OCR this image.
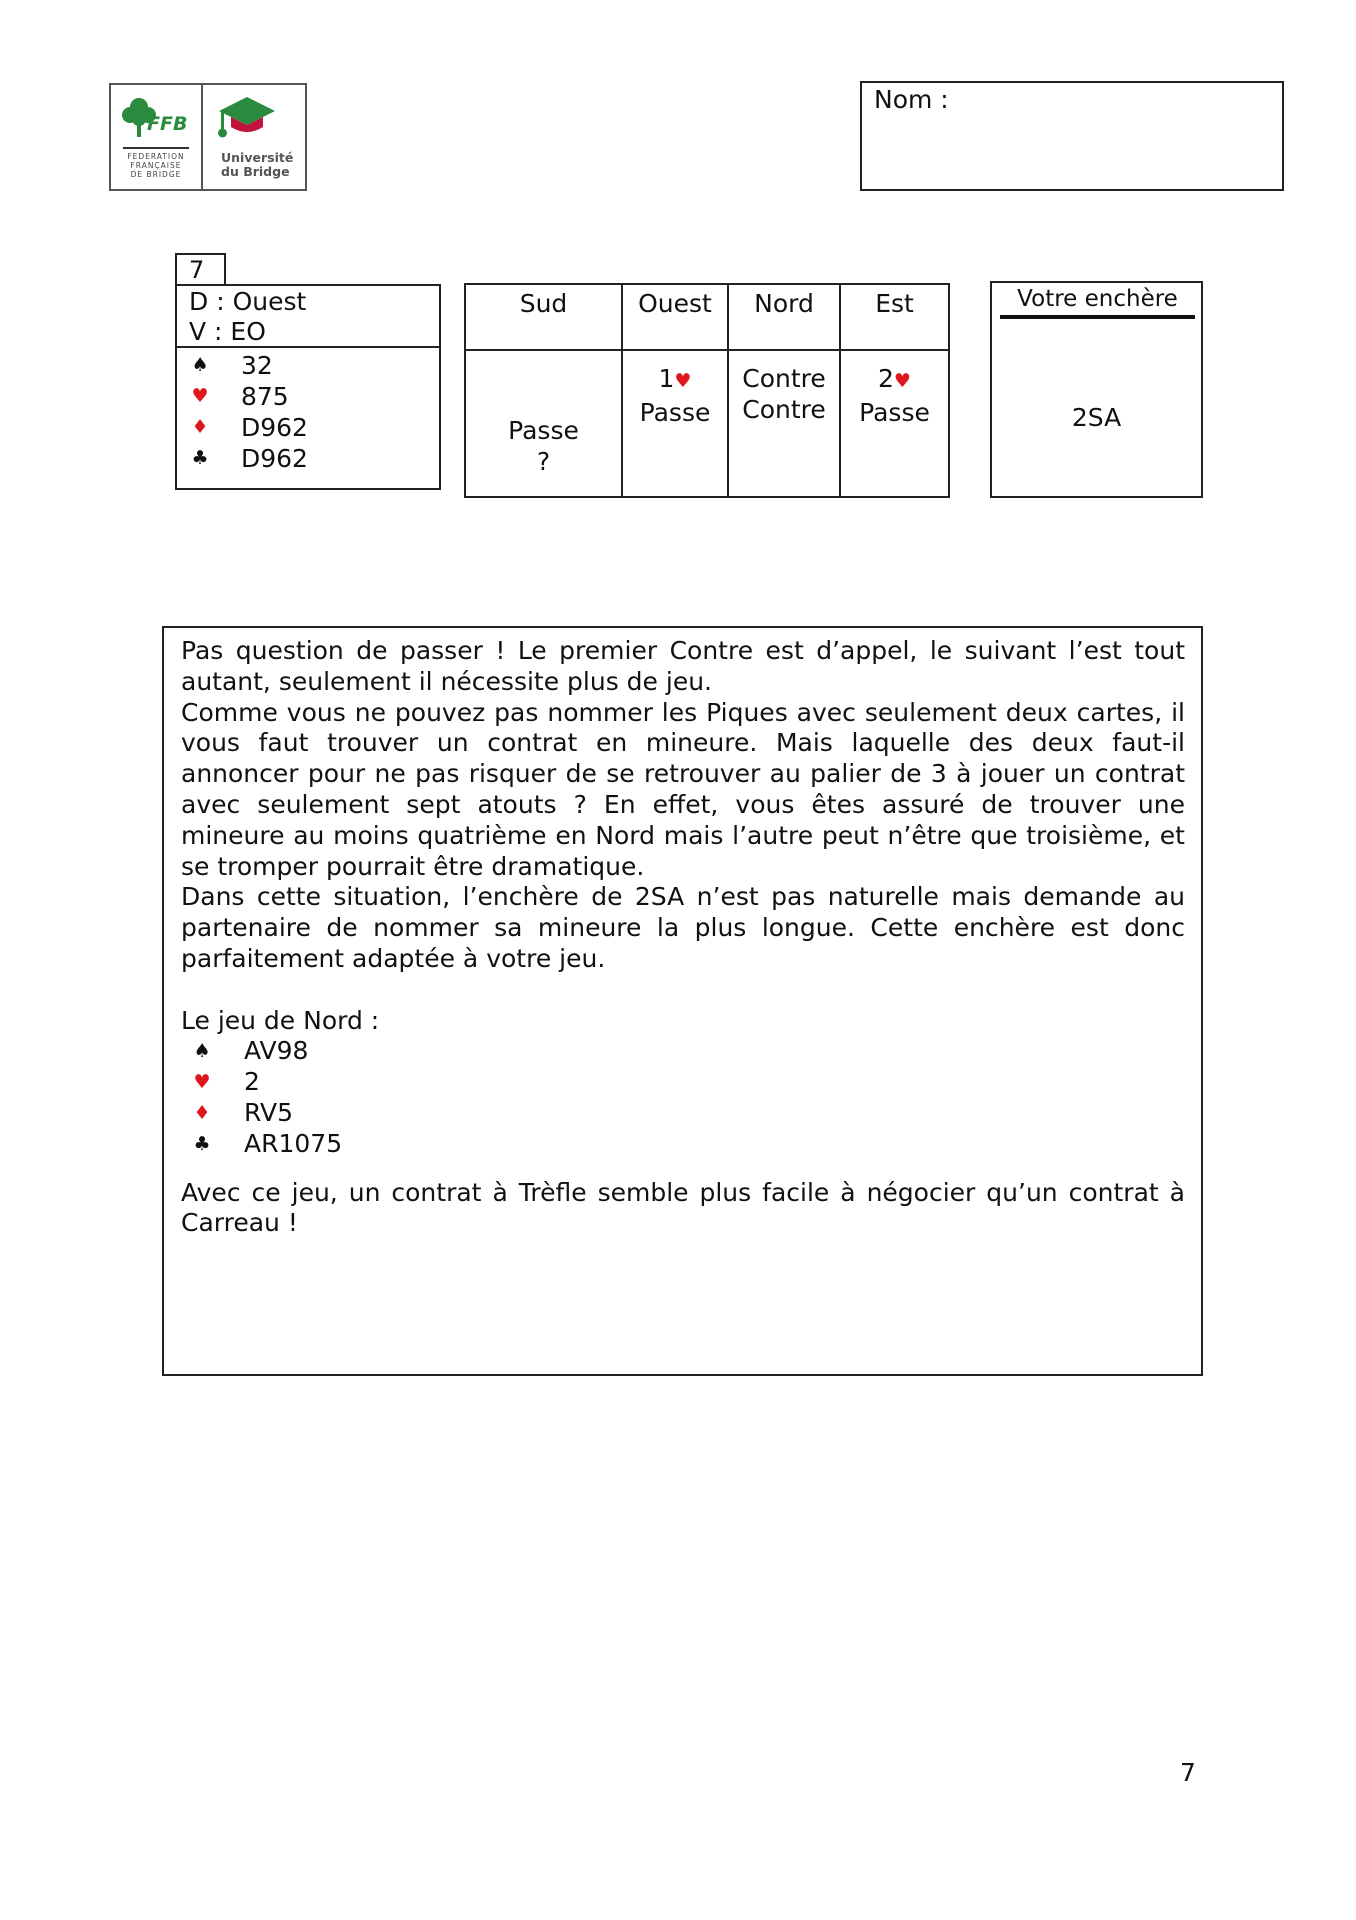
FFB
FEDERATION FRANÇAISE DE BRIDGE
Université
du Bridge
Nom :
7
D : Ouest
V : EO
♠ 32
♥ 875
♦ D962
♣ D962
Sud
Passe
?
Ouest
1♥
Passe
Nord
Contre
Contre
Est
2♥
Passe
Votre enchère
2SA

Pas question de passer ! Le premier Contre est d’appel, le suivant l’est tout autant, seulement il nécessite plus de jeu.

Comme vous ne pouvez pas nommer les Piques avec seulement deux cartes, il vous faut trouver un contrat en mineure. Mais laquelle des deux faut-il annoncer pour ne pas risquer de se retrouver au palier de 3 à jouer un contrat avec seulement sept atouts ? En effet, vous êtes assuré de trouver une mineure au moins quatrième en Nord mais l’autre peut n’être que troisième, et se tromper pourrait être dramatique.

Dans cette situation, l’enchère de 2SA n’est pas naturelle mais demande au partenaire de nommer sa mineure la plus longue. Cette enchère est donc parfaitement adaptée à votre jeu.

Le jeu de Nord :

♠ AV98
♥ 2
♦ RV5
♣ AR1075

Avec ce jeu, un contrat à Trèfle semble plus facile à négocier qu’un contrat à Carreau !

7
